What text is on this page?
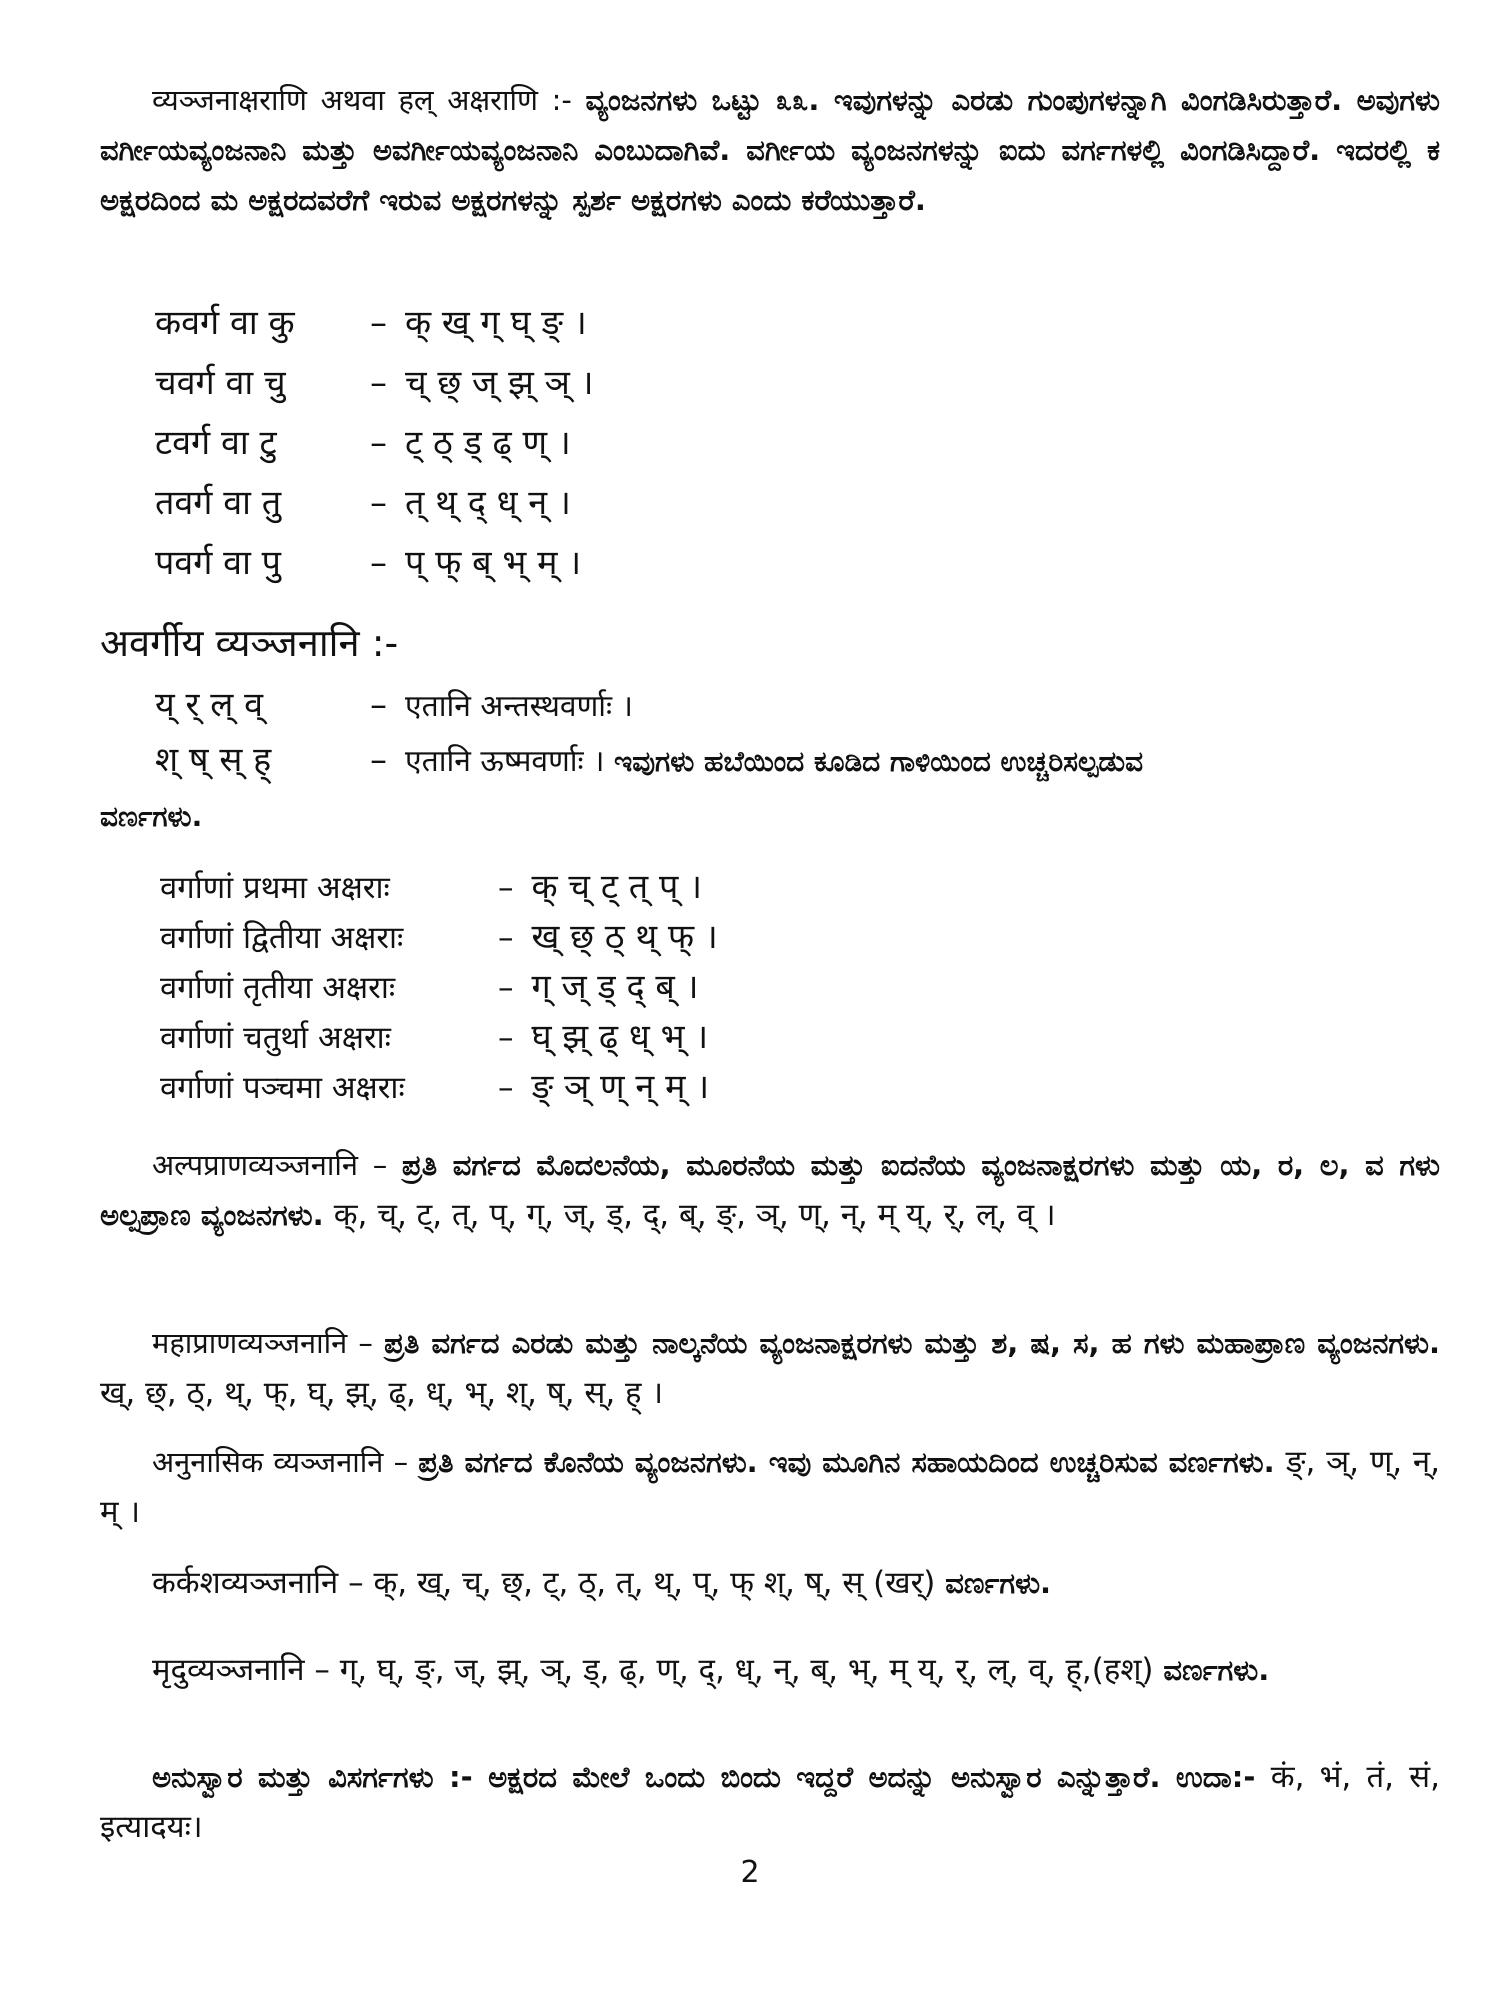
व्यञ्जनाक्षराणि अथवा हल् अक्षराणि :- ವ್ಯಂಜನಗಳು ಒಟ್ಟು ೩೩. ಇವುಗಳನ್ನು ಎರಡು ಗುಂಪುಗಳನ್ನಾಗಿ ವಿಂಗಡಿಸಿರುತ್ತಾರೆ. ಅವುಗಳು ವರ್ಗೀಯವ್ಯಂಜನಾನಿ ಮತ್ತು ಅವರ್ಗೀಯವ್ಯಂಜನಾನಿ ಎಂಬುದಾಗಿವೆ. ವರ್ಗೀಯ ವ್ಯಂಜನಗಳನ್ನು ಐದು ವರ್ಗಗಳಲ್ಲಿ ವಿಂಗಡಿಸಿದ್ದಾರೆ. ಇದರಲ್ಲಿ ಕ ಅಕ್ಷರದಿಂದ ಮ ಅಕ್ಷರದವರೆಗೆ ಇರುವ ಅಕ್ಷರಗಳನ್ನು ಸ್ಪರ್ಶ ಅಕ್ಷರಗಳು ಎಂದು ಕರೆಯುತ್ತಾರೆ.

कवर्ग वा कु – क् ख् ग् घ् ङ् ।
चवर्ग वा चु – च् छ् ज् झ् ञ् ।
टवर्ग वा टु	– ट् ठ् ड् ढ् ण् ।
तवर्ग वा तु	– त् थ् द् ध् न् ।
पवर्ग वा पु	– प् फ् ब् भ् म् ।
अवर्गीय व्यञ्जनानि :-
य् र् ल् व्	– एतानि अन्तस्थवर्णाः ।
श् ष् स् ह्	– एतानि ऊष्मवर्णाः । ಇವುಗಳು ಹಬೆಯಿಂದ ಕೂಡಿದ ಗಾಳಿಯಿಂದ ಉಚ್ಚರಿಸಲ್ಪಡುವ
ವರ್ಣಗಳು.
वर्गाणां प्रथमा अक्षराः	– क् च् ट् त् प् ।
वर्गाणां द्वितीया अक्षराः	– ख् छ् ठ् थ् फ् ।
वर्गाणां तृतीया अक्षराः	– ग् ज् ड् द् ब् ।
वर्गाणां चतुर्था अक्षराः	– घ् झ् ढ् ध् भ् ।
वर्गाणां पञ्चमा अक्षराः	– ङ् ञ् ण् न् म् ।

अल्पप्राणव्यञ्जनानि – ಪ್ರತಿ ವರ್ಗದ ಮೊದಲನೆಯ, ಮೂರನೆಯ ಮತ್ತು ಐದನೆಯ ವ್ಯಂಜನಾಕ್ಷರಗಳು ಮತ್ತು ಯ, ರ, ಲ, ವ ಗಳು ಅಲ್ಪಪ್ರಾಣ ವ್ಯಂಜನಗಳು. क्, च्, ट्, त्, प्, ग्, ज्, ड्, द्, ब्, ङ्, ञ्, ण्, न्, म् य्, र्, ल्, व् ।

महाप्राणव्यञ्जनानि – ಪ್ರತಿ ವರ್ಗದ ಎರಡು ಮತ್ತು ನಾಲ್ಕನೆಯ ವ್ಯಂಜನಾಕ್ಷರಗಳು ಮತ್ತು ಶ, ಷ, ಸ, ಹ ಗಳು ಮಹಾಪ್ರಾಣ ವ್ಯಂಜನಗಳು. ख्, छ्, ठ्, थ्, फ्, घ्, झ्, ढ्, ध्, भ्, श्, ष्, स्, ह् ।

अनुनासिक व्यञ्जनानि – ಪ್ರತಿ ವರ್ಗದ ಕೊನೆಯ ವ್ಯಂಜನಗಳು. ಇವು ಮೂಗಿನ ಸಹಾಯದಿಂದ ಉಚ್ಚರಿಸುವ ವರ್ಣಗಳು. ङ्, ञ्, ण्, न्, म् ।

कर्कशव्यञ्जनानि – क्, ख्, च्, छ्, ट्, ठ्, त्, थ्, प्, फ् श्, ष्, स् (खर्) ವರ್ಣಗಳು.

मृदुव्यञ्जनानि – ग्, घ्, ङ्, ज्, झ्, ञ्, ड्, ढ्, ण्, द्, ध्, न्, ब्, भ्, म् य्, र्, ल्, व्, ह्,(हश्) ವರ್ಣಗಳು.

ಅನುಸ್ವಾರ ಮತ್ತು ವಿಸರ್ಗಗಳು :- ಅಕ್ಷರದ ಮೇಲೆ ಒಂದು ಬಿಂದು ಇದ್ದರೆ ಅದನ್ನು ಅನುಸ್ವಾರ ಎನ್ನುತ್ತಾರೆ. ಉದಾ:- कं, भं, तं, सं, इत्यादयः।

2
